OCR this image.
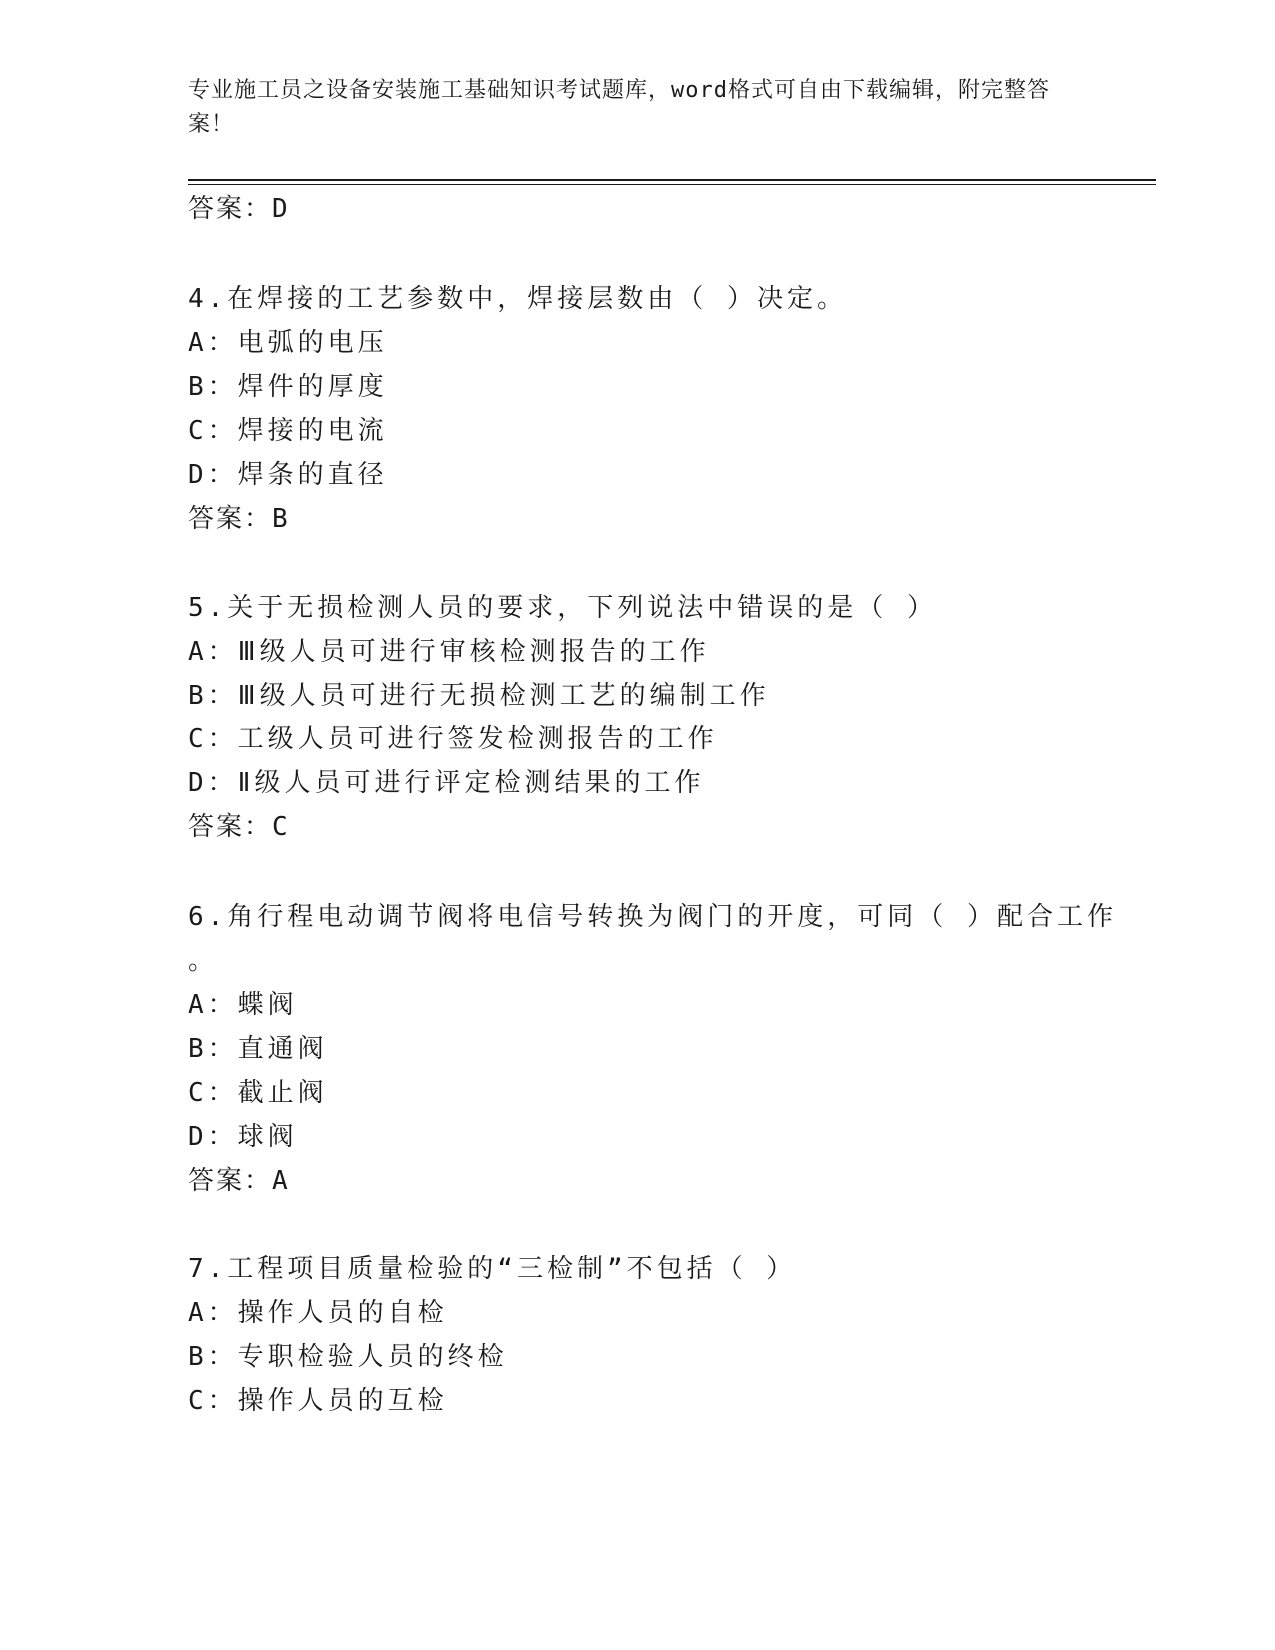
专业施工员之设备安装施工基础知识考试题库，word格式可自由下载编辑，附完整答案！
答案：D
4.在焊接的工艺参数中，焊接层数由（ ）决定。
A：电弧的电压
B：焊件的厚度
C：焊接的电流
D：焊条的直径
答案：B
5.关于无损检测人员的要求，下列说法中错误的是（ ）
A：Ⅲ级人员可进行审核检测报告的工作
B：Ⅲ级人员可进行无损检测工艺的编制工作
C：工级人员可进行签发检测报告的工作
D：Ⅱ级人员可进行评定检测结果的工作
答案：C
6.角行程电动调节阀将电信号转换为阀门的开度，可同（ ）配合工作
。
A：蝶阀
B：直通阀
C：截止阀
D：球阀
答案：A
7.工程项目质量检验的“三检制”不包括（ ）
A：操作人员的自检
B：专职检验人员的终检
C：操作人员的互检
